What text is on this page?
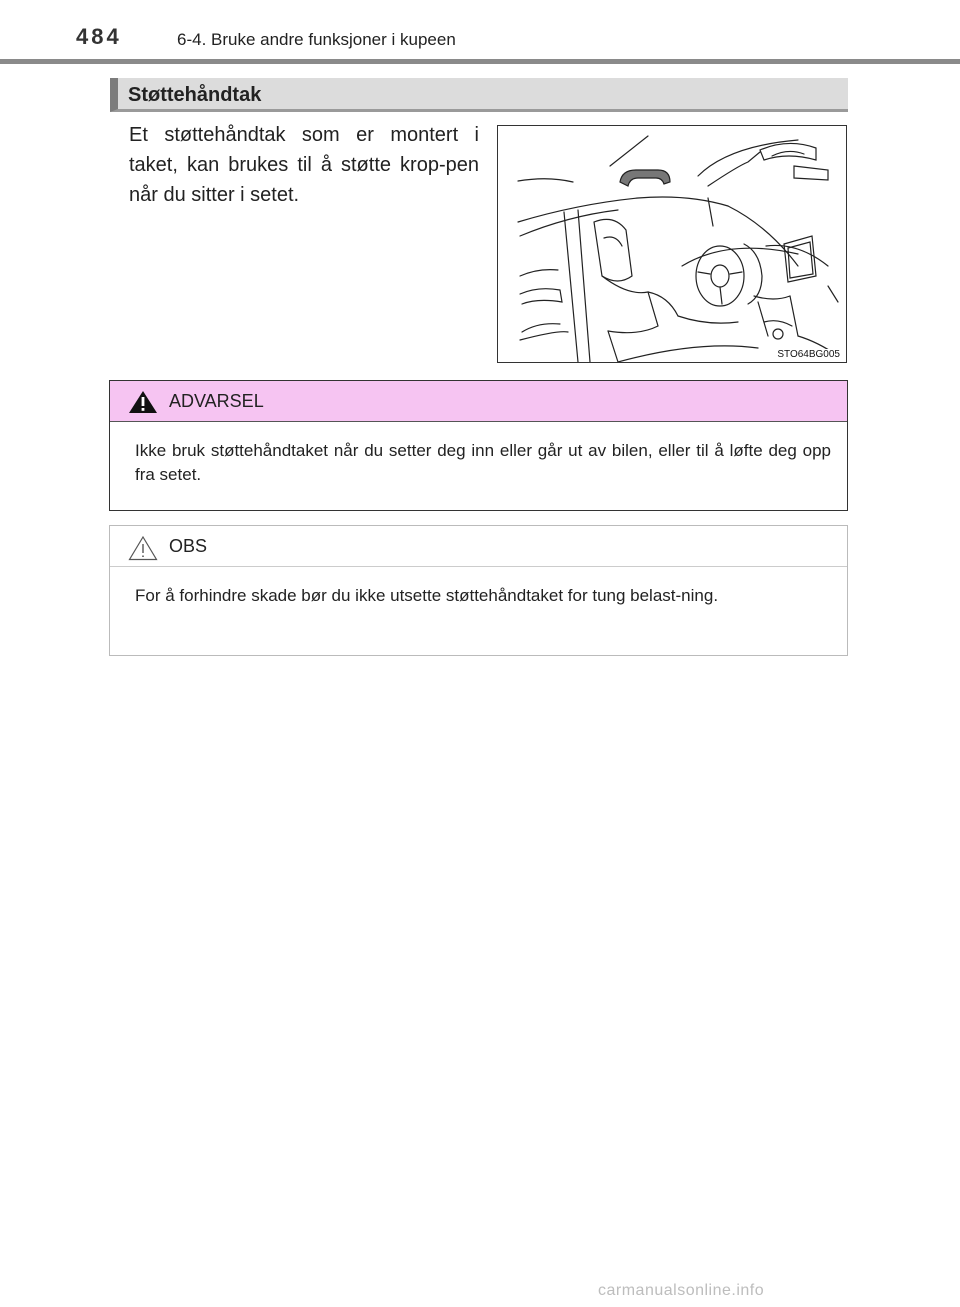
484	6-4. Bruke andre funksjoner i kupeen
Støttehåndtak
Et støttehåndtak som er montert i taket, kan brukes til å støtte krop-pen når du sitter i setet.
STO64BG005
ADVARSEL
Ikke bruk støttehåndtaket når du setter deg inn eller går ut av bilen, eller til å løfte deg opp fra setet.
OBS
For å forhindre skade bør du ikke utsette støttehåndtaket for tung belast-ning.
carmanualsonline.info
